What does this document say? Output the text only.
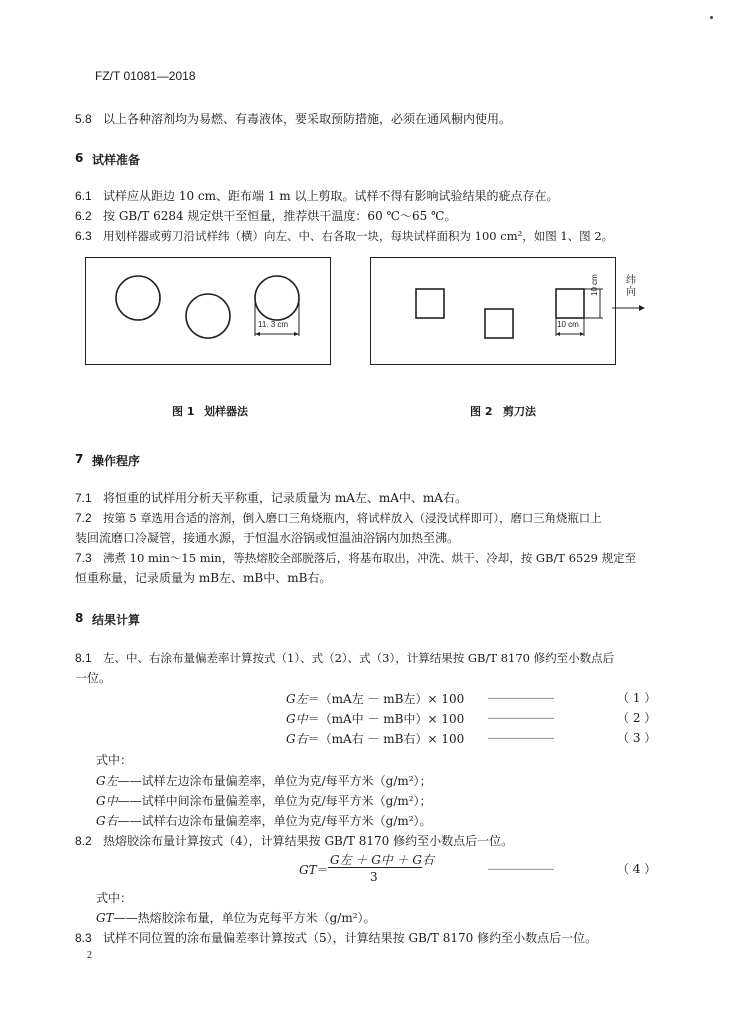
FZ/T 01081—2018
5.8 以上各种溶剂均为易燃、有毒液体，要采取预防措施，必须在通风橱内使用。
6 试样准备
6.1 试样应从距边 10 cm、距布端 1 m 以上剪取。试样不得有影响试验结果的疵点存在。
6.2 按 GB/T 6284 规定烘干至恒量，推荐烘干温度：60 ℃～65 ℃。
6.3 用划样器或剪刀沿试样纬（横）向左、中、右各取一块，每块试样面积为 100 cm²，如图 1、图 2。
11. 3 cm	10 cm
10 cm	纬
向
图 1 划样器法	图 2 剪刀法
7 操作程序
7.1 将恒重的试样用分析天平称重，记录质量为 mA左、mA中、mA右。
7.2 按第 5 章选用合适的溶剂，倒入磨口三角烧瓶内，将试样放入（浸没试样即可），磨口三角烧瓶口上
装回流磨口冷凝管，接通水源，于恒温水浴锅或恒温油浴锅内加热至沸。
7.3 沸煮 10 min～15 min，等热熔胶全部脱落后，将基布取出，冲洗、烘干、冷却，按 GB/T 6529 规定至
恒重称量，记录质量为 mB左、mB中、mB右。
8 结果计算
8.1 左、中、右涂布量偏差率计算按式（1）、式（2）、式（3），计算结果按 GB/T 8170 修约至小数点后
一位。
G左＝（mA左 － mB左）× 100 ……………………………	（ 1 ）
G中＝（mA中 － mB中）× 100 ……………………………	（ 2 ）
G右＝（mA右 － mB右）× 100 ……………………………	（ 3 ）
式中：
G左——试样左边涂布量偏差率，单位为克/每平方米（g/m²）；
G中——试样中间涂布量偏差率，单位为克/每平方米（g/m²）；
G右——试样右边涂布量偏差率，单位为克/每平方米（g/m²）。
8.2 热熔胶涂布量计算按式（4），计算结果按 GB/T 8170 修约至小数点后一位。
GT＝
G左 ＋ G中 ＋ G右
3
……………………………	（ 4 ）
式中：
GT——热熔胶涂布量，单位为克每平方米（g/m²）。
8.3 试样不同位置的涂布量偏差率计算按式（5），计算结果按 GB/T 8170 修约至小数点后一位。
2
